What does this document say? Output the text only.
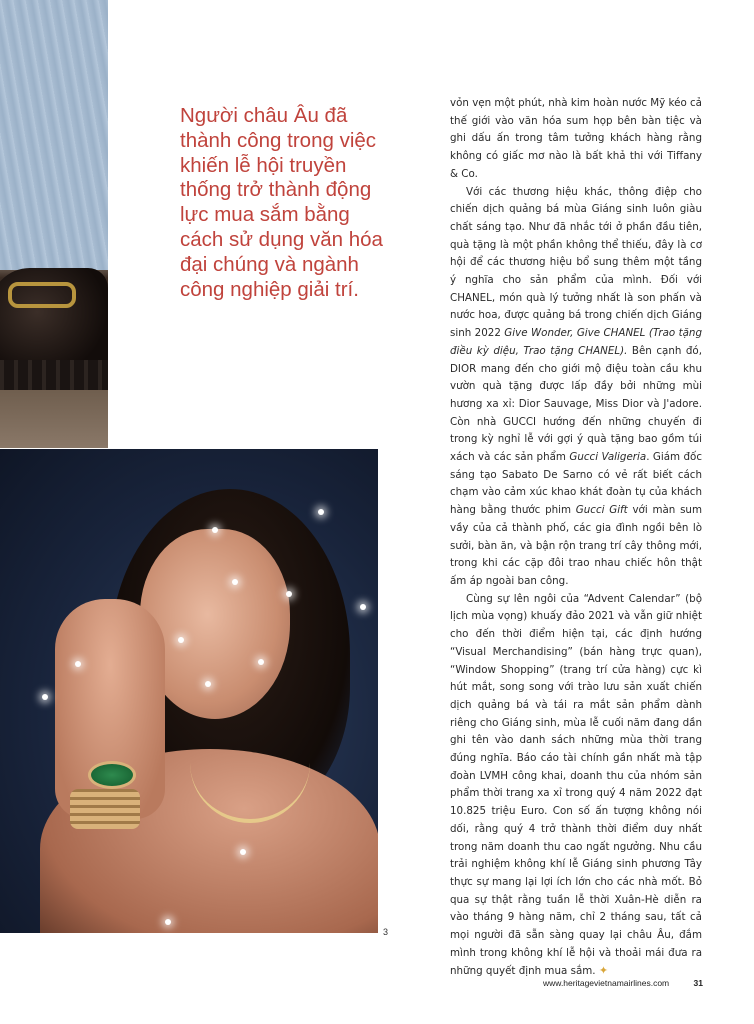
3

Người châu Âu đã thành công trong việc khiến lễ hội truyền thống trở thành động lực mua sắm bằng cách sử dụng văn hóa đại chúng và ngành công nghiệp giải trí.

vỏn vẹn một phút, nhà kim hoàn nước Mỹ kéo cả thế giới vào văn hóa sum họp bên bàn tiệc và ghi dấu ấn trong tâm tưởng khách hàng rằng không có giấc mơ nào là bất khả thi với Tiffany & Co.

Với các thương hiệu khác, thông điệp cho chiến dịch quảng bá mùa Giáng sinh luôn giàu chất sáng tạo. Như đã nhắc tới ở phần đầu tiên, quà tặng là một phần không thể thiếu, đây là cơ hội để các thương hiệu bổ sung thêm một tầng ý nghĩa cho sản phẩm của mình. Đối với CHANEL, món quà lý tưởng nhất là son phấn và nước hoa, được quảng bá trong chiến dịch Giáng sinh 2022 Give Wonder, Give CHANEL (Trao tặng điều kỳ diệu, Trao tặng CHANEL). Bên cạnh đó, DIOR mang đến cho giới mộ điệu toàn cầu khu vườn quà tặng được lấp đầy bởi những mùi hương xa xỉ: Dior Sauvage, Miss Dior và J'adore. Còn nhà GUCCI hướng đến những chuyến đi trong kỳ nghỉ lễ với gợi ý quà tặng bao gồm túi xách và các sản phẩm Gucci Valigeria. Giám đốc sáng tạo Sabato De Sarno có vẻ rất biết cách chạm vào cảm xúc khao khát đoàn tụ của khách hàng bằng thước phim Gucci Gift với màn sum vầy của cả thành phố, các gia đình ngồi bên lò sưởi, bàn ăn, và bận rộn trang trí cây thông mới, trong khi các cặp đôi trao nhau chiếc hôn thật ấm áp ngoài ban công.

Cùng sự lên ngôi của “Advent Calendar” (bộ lịch mùa vọng) khuấy đảo 2021 và vẫn giữ nhiệt cho đến thời điểm hiện tại, các định hướng “Visual Merchandising” (bán hàng trực quan), “Window Shopping” (trang trí cửa hàng) cực kì hút mắt, song song với trào lưu sản xuất chiến dịch quảng bá và tái ra mắt sản phẩm dành riêng cho Giáng sinh, mùa lễ cuối năm đang dần ghi tên vào danh sách những mùa thời trang đúng nghĩa. Báo cáo tài chính gần nhất mà tập đoàn LVMH công khai, doanh thu của nhóm sản phẩm thời trang xa xỉ trong quý 4 năm 2022 đạt 10.825 triệu Euro. Con số ấn tượng không nói dối, rằng quý 4 trở thành thời điểm duy nhất trong năm doanh thu cao ngất ngưởng. Nhu cầu trải nghiệm không khí lễ Giáng sinh phương Tây thực sự mang lại lợi ích lớn cho các nhà mốt. Bỏ qua sự thật rằng tuần lễ thời Xuân-Hè diễn ra vào tháng 9 hàng năm, chỉ 2 tháng sau, tất cả mọi người đã sẵn sàng quay lại châu Âu, đắm mình trong không khí lễ hội và thoải mái đưa ra những quyết định mua sắm. ✦

www.heritagevietnamairlines.com	31
